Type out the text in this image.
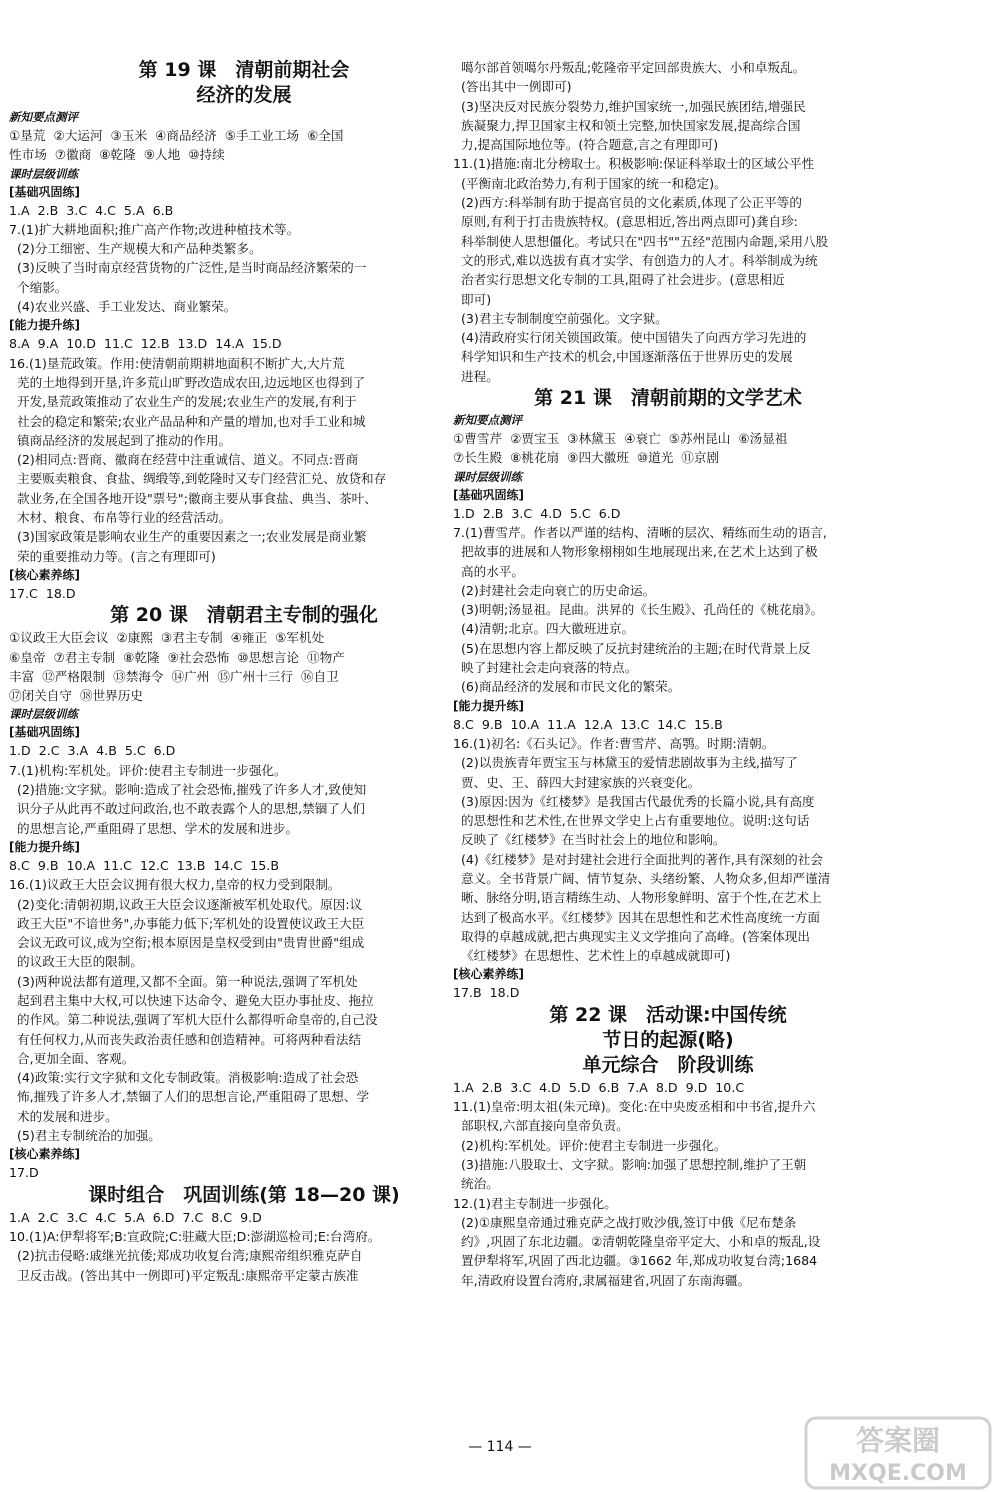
第 19 课　清朝前期社会
经济的发展
新知要点测评
①垦荒  ②大运河  ③玉米  ④商品经济  ⑤手工业工场  ⑥全国
性市场  ⑦徽商  ⑧乾隆  ⑨人地  ⑩持续
课时层级训练
[基础巩固练]
1.A  2.B  3.C  4.C  5.A  6.B
7.(1)扩大耕地面积;推广高产作物;改进种植技术等。
(2)分工细密、生产规模大和产品种类繁多。
(3)反映了当时南京经营货物的广泛性,是当时商品经济繁荣的一
个缩影。
(4)农业兴盛、手工业发达、商业繁荣。
[能力提升练]
8.A  9.A  10.D  11.C  12.B  13.D  14.A  15.D
16.(1)垦荒政策。作用:使清朝前期耕地面积不断扩大,大片荒
芜的土地得到开垦,许多荒山旷野改造成农田,边远地区也得到了
开发,垦荒政策推动了农业生产的发展;农业生产的发展,有利于
社会的稳定和繁荣;农业产品品种和产量的增加,也对手工业和城
镇商品经济的发展起到了推动的作用。
(2)相同点:晋商、徽商在经营中注重诚信、道义。不同点:晋商
主要贩卖粮食、食盐、绸缎等,到乾隆时又专门经营汇兑、放贷和存
款业务,在全国各地开设"票号";徽商主要从事食盐、典当、茶叶、
木材、粮食、布帛等行业的经营活动。
(3)国家政策是影响农业生产的重要因素之一;农业发展是商业繁
荣的重要推动力等。(言之有理即可)
[核心素养练]
17.C  18.D
第 20 课　清朝君主专制的强化
①议政王大臣会议  ②康熙  ③君主专制  ④雍正  ⑤军机处
⑥皇帝  ⑦君主专制  ⑧乾隆  ⑨社会恐怖  ⑩思想言论  ⑪物产
丰富  ⑫严格限制  ⑬禁海令  ⑭广州  ⑮广州十三行  ⑯自卫
⑰闭关自守  ⑱世界历史
课时层级训练
[基础巩固练]
1.D  2.C  3.A  4.B  5.C  6.D
7.(1)机构:军机处。评价:使君主专制进一步强化。
(2)措施:文字狱。影响:造成了社会恐怖,摧残了许多人才,致使知
识分子从此再不敢过问政治,也不敢表露个人的思想,禁锢了人们
的思想言论,严重阻碍了思想、学术的发展和进步。
[能力提升练]
8.C  9.B  10.A  11.C  12.C  13.B  14.C  15.B
16.(1)议政王大臣会议拥有很大权力,皇帝的权力受到限制。
(2)变化:清朝初期,议政王大臣会议逐渐被军机处取代。原因:议
政王大臣"不谙世务",办事能力低下;军机处的设置使议政王大臣
会议无政可议,成为空衔;根本原因是皇权受到由"贵胄世爵"组成
的议政王大臣的限制。
(3)两种说法都有道理,又都不全面。第一种说法,强调了军机处
起到君主集中大权,可以快速下达命令、避免大臣办事扯皮、拖拉
的作风。第二种说法,强调了军机大臣什么都得听命皇帝的,自己没
有任何权力,从而丧失政治责任感和创造精神。可将两种看法结
合,更加全面、客观。
(4)政策:实行文字狱和文化专制政策。消极影响:造成了社会恐
怖,摧残了许多人才,禁锢了人们的思想言论,严重阻碍了思想、学
术的发展和进步。
(5)君主专制统治的加强。
[核心素养练]
17.D
课时组合　巩固训练(第 18—20 课)
1.A  2.C  3.C  4.C  5.A  6.D  7.C  8.C  9.D
10.(1)A:伊犁将军;B:宣政院;C:驻藏大臣;D:澎湖巡检司;E:台湾府。
(2)抗击侵略:戚继光抗倭;郑成功收复台湾;康熙帝组织雅克萨自
卫反击战。(答出其中一例即可)平定叛乱:康熙帝平定蒙古族准
噶尔部首领噶尔丹叛乱;乾隆帝平定回部贵族大、小和卓叛乱。
(答出其中一例即可)
(3)坚决反对民族分裂势力,维护国家统一,加强民族团结,增强民
族凝聚力,捍卫国家主权和领土完整,加快国家发展,提高综合国
力,提高国际地位等。(符合题意,言之有理即可)
11.(1)措施:南北分榜取士。积极影响:保证科举取士的区域公平性
(平衡南北政治势力,有利于国家的统一和稳定)。
(2)西方:科举制有助于提高官员的文化素质,体现了公正平等的
原则,有利于打击贵族特权。(意思相近,答出两点即可)龚自珍:
科举制使人思想僵化。考试只在"四书""五经"范围内命题,采用八股
文的形式,难以选拔有真才实学、有创造力的人才。科举制成为统
治者实行思想文化专制的工具,阻碍了社会进步。(意思相近
即可)
(3)君主专制制度空前强化。文字狱。
(4)清政府实行闭关锁国政策。使中国错失了向西方学习先进的
科学知识和生产技术的机会,中国逐渐落伍于世界历史的发展
进程。
第 21 课　清朝前期的文学艺术
新知要点测评
①曹雪芹  ②贾宝玉  ③林黛玉  ④衰亡  ⑤苏州昆山  ⑥汤显祖
⑦长生殿  ⑧桃花扇  ⑨四大徽班  ⑩道光  ⑪京剧
课时层级训练
[基础巩固练]
1.D  2.B  3.C  4.D  5.C  6.D
7.(1)曹雪芹。作者以严谨的结构、清晰的层次、精练而生动的语言,
把故事的进展和人物形象栩栩如生地展现出来,在艺术上达到了极
高的水平。
(2)封建社会走向衰亡的历史命运。
(3)明朝;汤显祖。昆曲。洪昇的《长生殿》、孔尚任的《桃花扇》。
(4)清朝;北京。四大徽班进京。
(5)在思想内容上都反映了反抗封建统治的主题;在时代背景上反
映了封建社会走向衰落的特点。
(6)商品经济的发展和市民文化的繁荣。
[能力提升练]
8.C  9.B  10.A  11.A  12.A  13.C  14.C  15.B
16.(1)初名:《石头记》。作者:曹雪芹、高鹗。时期:清朝。
(2)以贵族青年贾宝玉与林黛玉的爱情悲剧故事为主线,描写了
贾、史、王、薛四大封建家族的兴衰变化。
(3)原因:因为《红楼梦》是我国古代最优秀的长篇小说,具有高度
的思想性和艺术性,在世界文学史上占有重要地位。说明:这句话
反映了《红楼梦》在当时社会上的地位和影响。
(4)《红楼梦》是对封建社会进行全面批判的著作,具有深刻的社会
意义。全书背景广阔、情节复杂、头绪纷繁、人物众多,但却严谨清
晰、脉络分明,语言精练生动、人物形象鲜明、富于个性,在艺术上
达到了极高水平。《红楼梦》因其在思想性和艺术性高度统一方面
取得的卓越成就,把古典现实主义文学推向了高峰。(答案体现出
《红楼梦》在思想性、艺术性上的卓越成就即可)
[核心素养练]
17.B  18.D
第 22 课　活动课:中国传统
节日的起源(略)
单元综合　阶段训练
1.A  2.B  3.C  4.D  5.D  6.B  7.A  8.D  9.D  10.C
11.(1)皇帝:明太祖(朱元璋)。变化:在中央废丞相和中书省,提升六
部职权,六部直接向皇帝负责。
(2)机构:军机处。评价:使君主专制进一步强化。
(3)措施:八股取士、文字狱。影响:加强了思想控制,维护了王朝
统治。
12.(1)君主专制进一步强化。
(2)①康熙皇帝通过雅克萨之战打败沙俄,签订中俄《尼布楚条
约》,巩固了东北边疆。②清朝乾隆皇帝平定大、小和卓的叛乱,设
置伊犁将军,巩固了西北边疆。③1662 年,郑成功收复台湾;1684
年,清政府设置台湾府,隶属福建省,巩固了东南海疆。
— 114 —	答案圈
MXQE.COM
